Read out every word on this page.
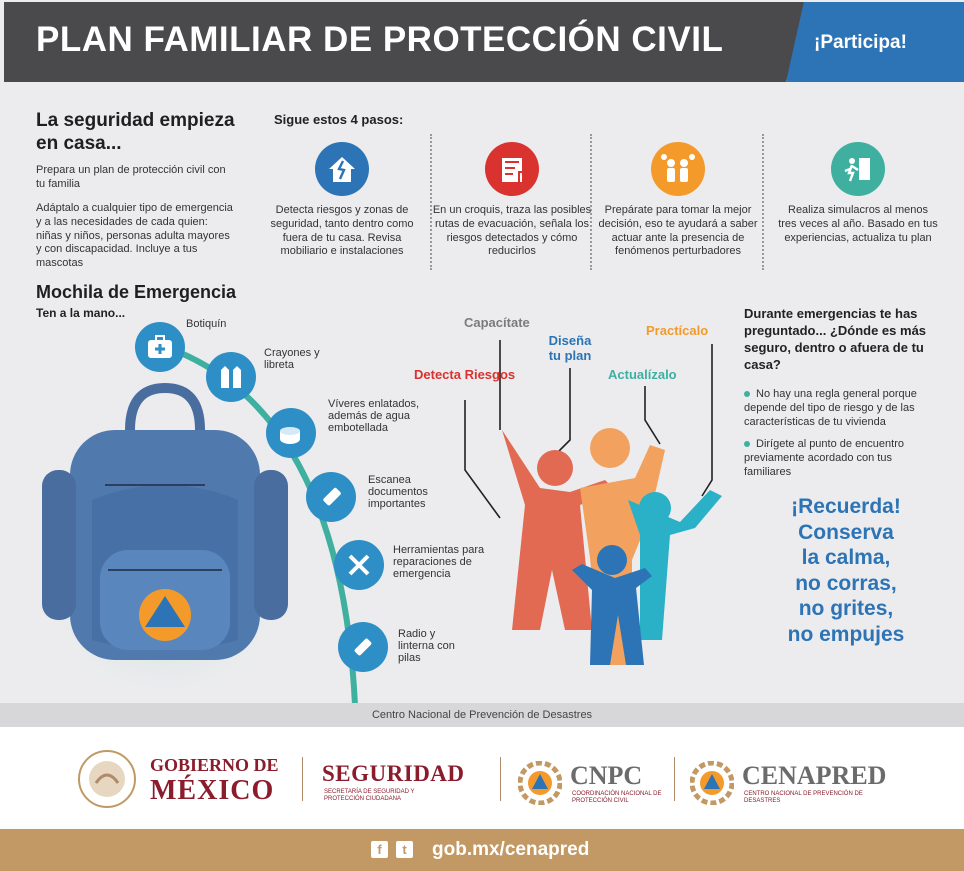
PLAN FAMILIAR DE PROTECCIÓN CIVIL	¡Participa!
La seguridad empieza en casa...
Prepara un plan de protección civil con tu familia
Adáptalo a cualquier tipo de emergencia y a las necesidades de cada quien: niñas y niños, personas adulta mayores y con discapacidad. Incluye a tus mascotas
Sigue estos 4 pasos:
Detecta riesgos y zonas de seguridad, tanto dentro como fuera de tu casa. Revisa mobiliario e instalaciones
En un croquis, traza las posibles rutas de evacuación, señala los riesgos detectados y cómo reducirlos
Prepárate para tomar la mejor decisión, eso te ayudará a saber actuar ante la presencia de fenómenos perturbadores
Realiza simulacros al menos tres veces al año. Basado en tus experiencias, actualiza tu plan
Mochila de Emergencia
Ten a la mano...
Botiquín
Crayones y libreta
Víveres enlatados, además de agua embotellada
Escanea documentos importantes
Herramientas para reparaciones de emergencia
Radio y linterna con pilas
Detecta Riesgos
Capacítate
Diseña tu plan
Practícalo
Actualízalo
Durante emergencias te has preguntado... ¿Dónde es más seguro, dentro o afuera de tu casa?
No hay una regla general porque depende del tipo de riesgo y de las características de tu vivienda
Dirígete al punto de encuentro previamente acordado con tus familiares
¡Recuerda!
Conserva
la calma,
no corras,
no grites,
no empujes
Centro Nacional de Prevención de Desastres
GOBIERNO DE
MÉXICO
SEGURIDAD
SECRETARÍA DE SEGURIDAD Y PROTECCIÓN CIUDADANA
CNPC
COORDINACIÓN NACIONAL DE PROTECCIÓN CIVIL
CENAPRED
CENTRO NACIONAL DE PREVENCIÓN DE DESASTRES
f	t	gob.mx/cenapred
